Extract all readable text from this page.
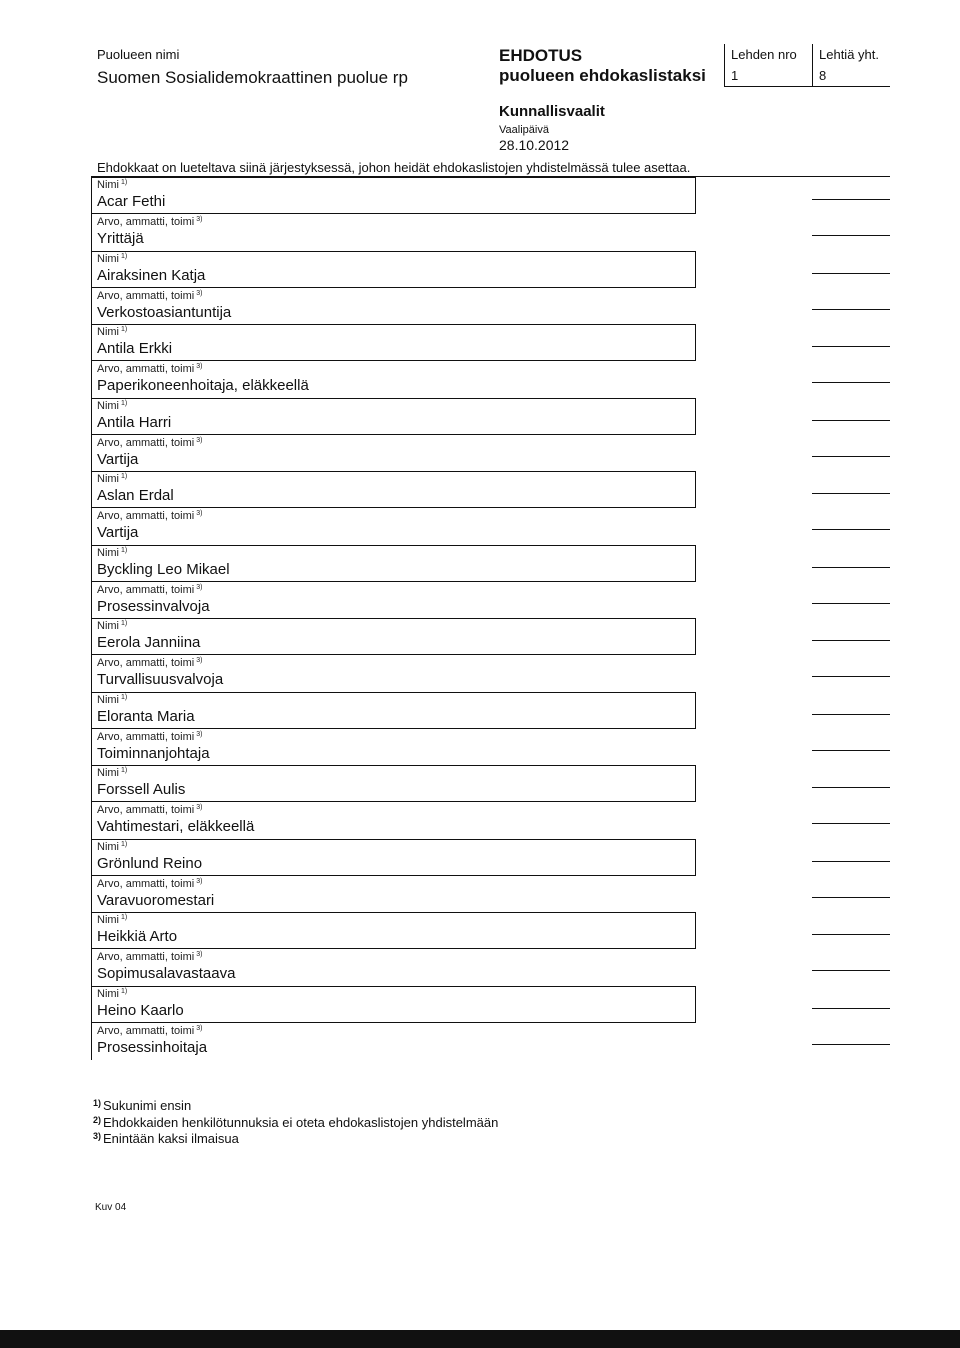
Puolueen nimi
Suomen Sosialidemokraattinen puolue rp
EHDOTUS
puolueen ehdokaslistaksi
Lehden nro
1
Lehtiä yht.
8
Kunnallisvaalit
Vaalipäivä
28.10.2012
Ehdokkaat on lueteltava siinä järjestyksessä, johon heidät ehdokaslistojen yhdistelmässä tulee asettaa.
Nimi $^{1)}$
Acar Fethi
Arvo, ammatti, toimi $^{3)}$
Yrittäjä
Nimi $^{1)}$
Airaksinen Katja
Arvo, ammatti, toimi $^{3)}$
Verkostoasiantuntija
Nimi $^{1)}$
Antila Erkki
Arvo, ammatti, toimi $^{3)}$
Paperikoneenhoitaja, eläkkeellä
Nimi $^{1)}$
Antila Harri
Arvo, ammatti, toimi $^{3)}$
Vartija
Nimi $^{1)}$
Aslan Erdal
Arvo, ammatti, toimi $^{3)}$
Vartija
Nimi $^{1)}$
Byckling Leo Mikael
Arvo, ammatti, toimi $^{3)}$
Prosessinvalvoja
Nimi $^{1)}$
Eerola Janniina
Arvo, ammatti, toimi $^{3)}$
Turvallisuusvalvoja
Nimi $^{1)}$
Eloranta Maria
Arvo, ammatti, toimi $^{3)}$
Toiminnanjohtaja
Nimi $^{1)}$
Forssell Aulis
Arvo, ammatti, toimi $^{3)}$
Vahtimestari, eläkkeellä
Nimi $^{1)}$
Grönlund Reino
Arvo, ammatti, toimi $^{3)}$
Varavuoromestari
Nimi $^{1)}$
Heikkiä Arto
Arvo, ammatti, toimi $^{3)}$
Sopimusalavastaava
Nimi $^{1)}$
Heino Kaarlo
Arvo, ammatti, toimi $^{3)}$
Prosessinhoitaja
$^{1)}$ Sukunimi ensin
$^{2)}$ Ehdokkaiden henkilötunnuksia ei oteta ehdokaslistojen yhdistelmään
$^{3)}$ Enintään kaksi ilmaisua
Kuv 04
